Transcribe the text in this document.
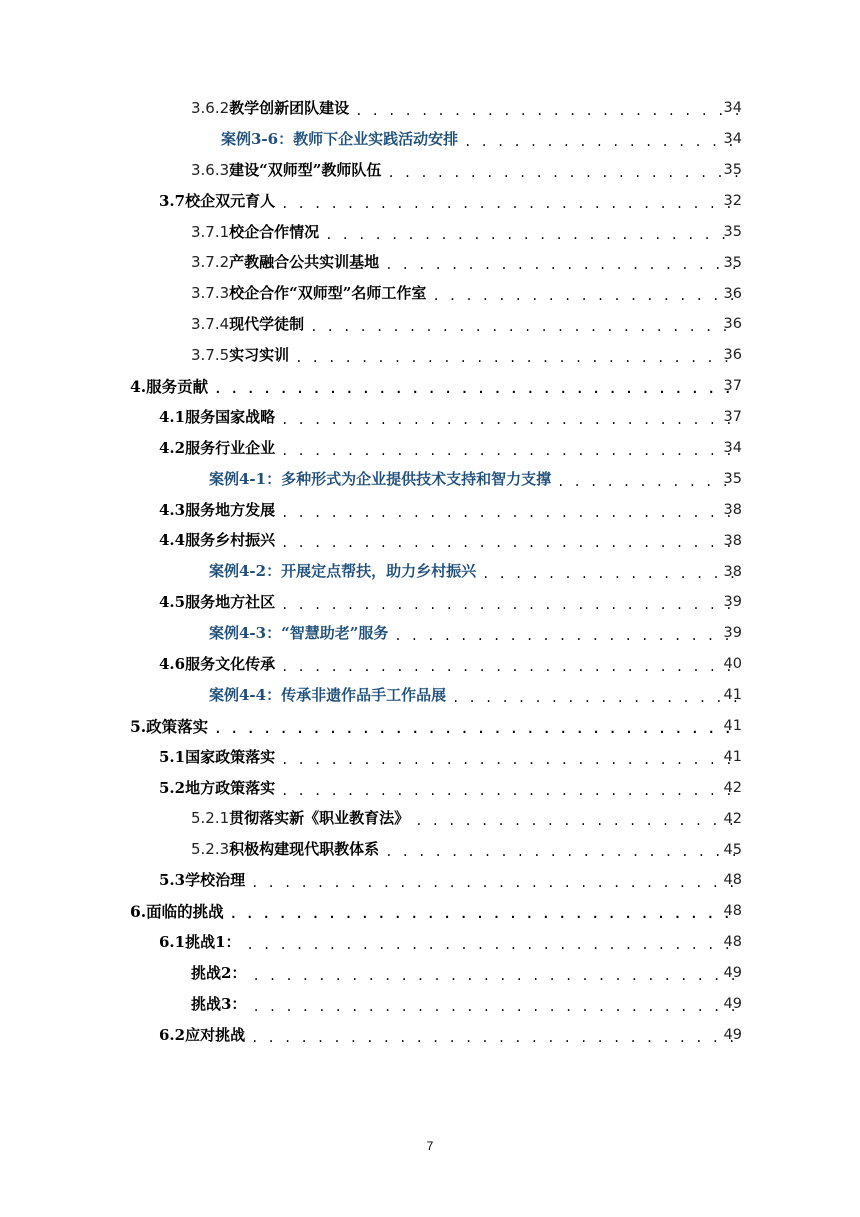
3.6.2 教学创新团队建设 . . .	34
案例3-6：教师下企业实践活动安排 . . .	34
3.6.3 建设“双师型”教师队伍 . . .	35
3.7校企双元育人 . . .	32
3.7.1 校企合作情况 . . .	35
3.7.2 产教融合公共实训基地 . . .	35
3.7.3 校企合作“双师型”名师工作室 . . .	36
3.7.4 现代学徒制 . . .	36
3.7.5 实习实训 . . .	36
4.服务贡献 . . .	37
4.1服务国家战略 . . .	37
4.2服务行业企业 . . .	34
案例4-1：多种形式为企业提供技术支持和智力支撑 . . .	35
4.3服务地方发展 . . .	38
4.4服务乡村振兴 . . .	38
案例4-2：开展定点帮扶，助力乡村振兴 . . .	38
4.5服务地方社区 . . .	39
案例4-3：“智慧助老”服务 . . .	39
4.6服务文化传承 . . .	40
案例4-4：传承非遗作品手工作品展 . . .	41
5.政策落实 . . .	41
5.1国家政策落实 . . .	41
5.2地方政策落实 . . .	42
5.2.1 贯彻落实新《职业教育法》 . . .	42
5.2.3 积极构建现代职教体系 . . .	45
5.3学校治理 . . .	48
6.面临的挑战 . . .	48
6.1挑战1： . . .	48
挑战2： . . .	49
挑战3： . . .	49
6.2应对挑战 . . .	49
7
